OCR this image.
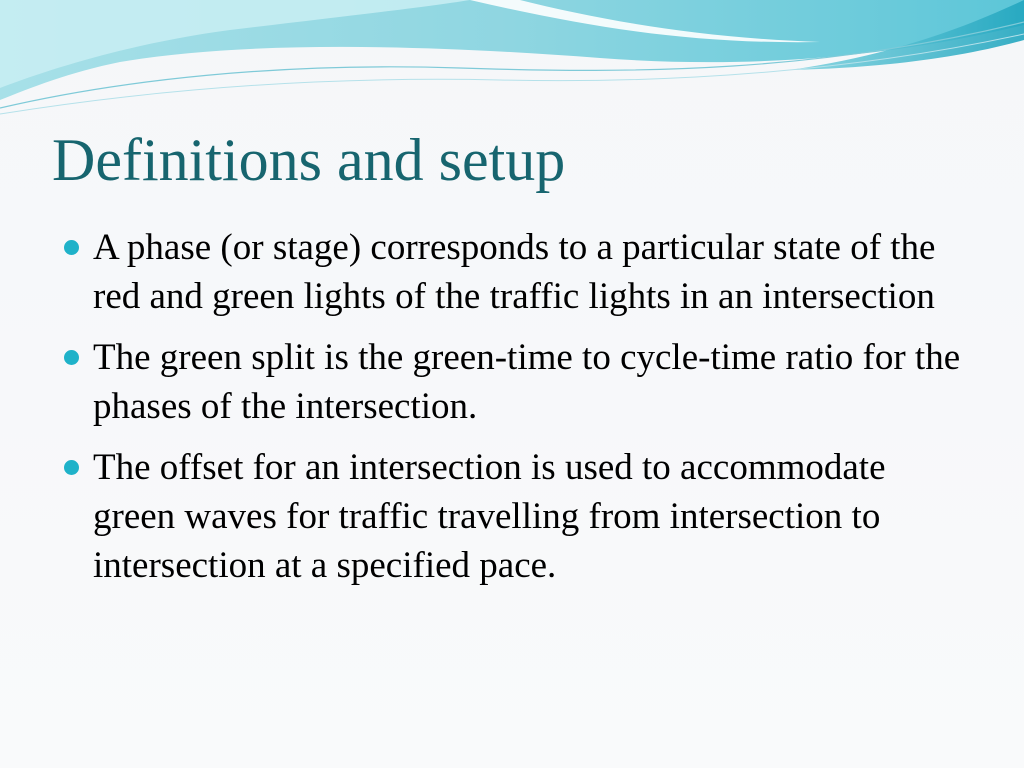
Definitions and setup
A phase (or stage) corresponds to a particular state of the red and green lights of the traffic lights in an intersection
The green split is the green-time to cycle-time ratio for the phases of the intersection.
The offset for an intersection is used to accommodate green waves for traffic travelling from intersection to intersection at a specified pace.
